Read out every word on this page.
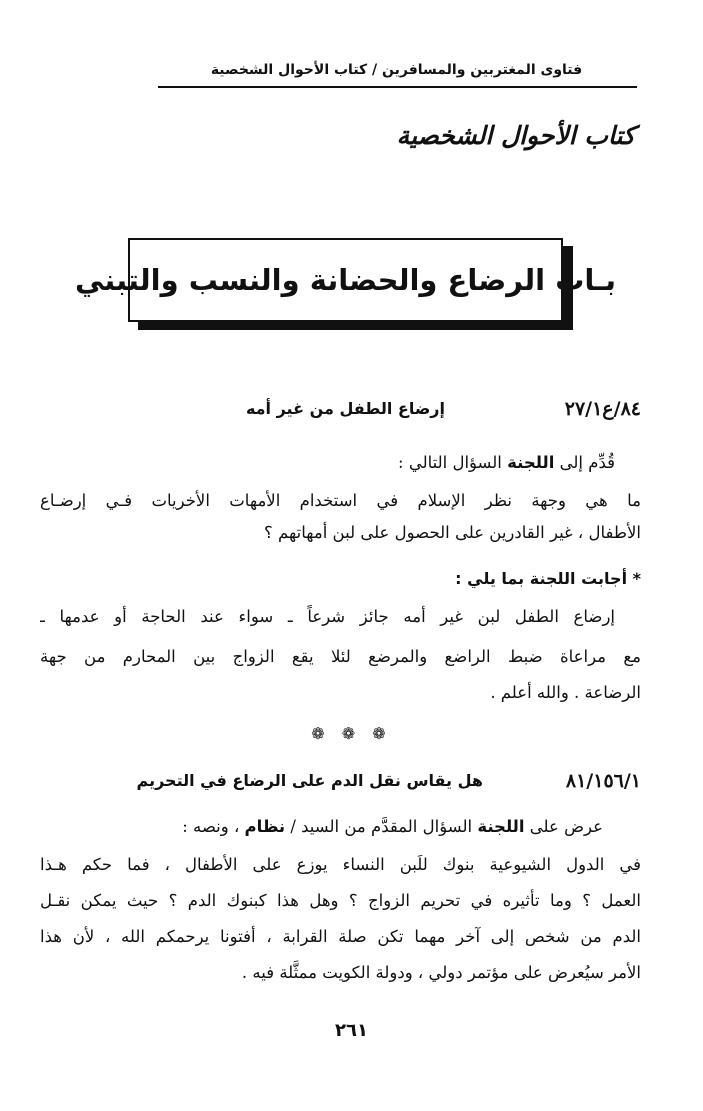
فتاوى المغتربين والمسافرين / كتاب الأحوال الشخصية
كتاب الأحوال الشخصية
بـاب الرضاع والحضانة والنسب والتبني
٨٤/ع٢٧/١
إرضاع الطفل من غير أمه
قُدِّم إلى اللجنة السؤال التالي :
ما هي وجهة نظر الإسلام في استخدام الأمهات الأخريات فـي إرضـاع
الأطفال ، غير القادرين على الحصول على لبن أمهاتهم ؟
* أجابت اللجنة بما يلي :
إرضاع الطفل لبن غير أمه جائز شرعاً ـ سواء عند الحاجة أو عدمها ـ
مع مراعاة ضبط الراضع والمرضع لئلا يقع الزواج بين المحارم من جهة
الرضاعة . والله أعلم .
❁ ❁ ❁
٨١/١٥٦/١
هل يقاس نقل الدم على الرضاع في التحريم
عرض على اللجنة السؤال المقدَّم من السيد / نظام ، ونصه :
في الدول الشيوعية بنوك للَبن النساء يوزع على الأطفال ، فما حكم هـذا
العمل ؟ وما تأثيره في تحريم الزواج ؟ وهل هذا كبنوك الدم ؟ حيث يمكن نقـل
الدم من شخص إلى آخر مهما تكن صلة القرابة ، أفتونا يرحمكم الله ، لأن هذا
الأمر سيُعرض على مؤتمر دولي ، ودولة الكويت ممثَّلة فيه .
٢٦١
